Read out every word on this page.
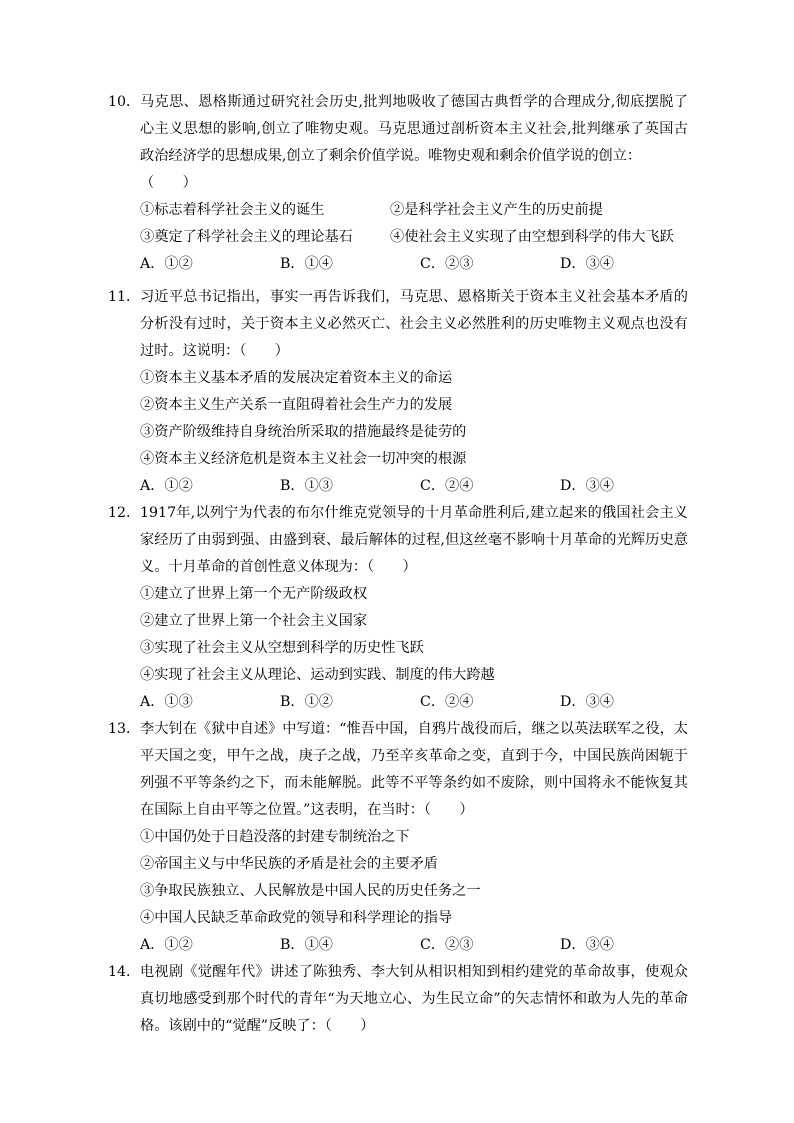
10． 马克思、恩格斯通过研究社会历史,批判地吸收了德国古典哲学的合理成分,彻底摆脱了
心主义思想的影响,创立了唯物史观。马克思通过剖析资本主义社会,批判继承了英国古
政治经济学的思想成果,创立了剩余价值学说。唯物史观和剩余价值学说的创立：
（　　）
①标志着科学社会主义的诞生	②是科学社会主义产生的历史前提
③奠定了科学社会主义的理论基石	④使社会主义实现了由空想到科学的伟大飞跃
A．①②	B．①④	C．②③	D．③④
11． 习近平总书记指出，事实一再告诉我们，马克思、恩格斯关于资本主义社会基本矛盾的
分析没有过时，关于资本主义必然灭亡、社会主义必然胜利的历史唯物主义观点也没有
过时。这说明：（　　）
①资本主义基本矛盾的发展决定着资本主义的命运
②资本主义生产关系一直阻碍着社会生产力的发展
③资产阶级维持自身统治所采取的措施最终是徒劳的
④资本主义经济危机是资本主义社会一切冲突的根源
A．①②	B．①③	C．②④	D．③④
12． 1917年,以列宁为代表的布尔什维克党领导的十月革命胜利后,建立起来的俄国社会主义
家经历了由弱到强、由盛到衰、最后解体的过程,但这丝毫不影响十月革命的光辉历史意
义。十月革命的首创性意义体现为：（　　）
①建立了世界上第一个无产阶级政权
②建立了世界上第一个社会主义国家
③实现了社会主义从空想到科学的历史性飞跃
④实现了社会主义从理论、运动到实践、制度的伟大跨越
A．①③	B．①②	C．②④	D．③④
13． 李大钊在《狱中自述》中写道：“惟吾中国，自鸦片战役而后，继之以英法联军之役，太
平天国之变，甲午之战，庚子之战，乃至辛亥革命之变，直到于今，中国民族尚困轭于
列强不平等条约之下，而未能解脱。此等不平等条约如不废除，则中国将永不能恢复其
在国际上自由平等之位置。”这表明，在当时：（　　）
①中国仍处于日趋没落的封建专制统治之下
②帝国主义与中华民族的矛盾是社会的主要矛盾
③争取民族独立、人民解放是中国人民的历史任务之一
④中国人民缺乏革命政党的领导和科学理论的指导
A．①②	B．①④	C．②③	D．③④
14． 电视剧《觉醒年代》讲述了陈独秀、李大钊从相识相知到相约建党的革命故事，使观众
真切地感受到那个时代的青年“为天地立心、为生民立命”的矢志情怀和敢为人先的革命
格。该剧中的“觉醒”反映了：（　　）
